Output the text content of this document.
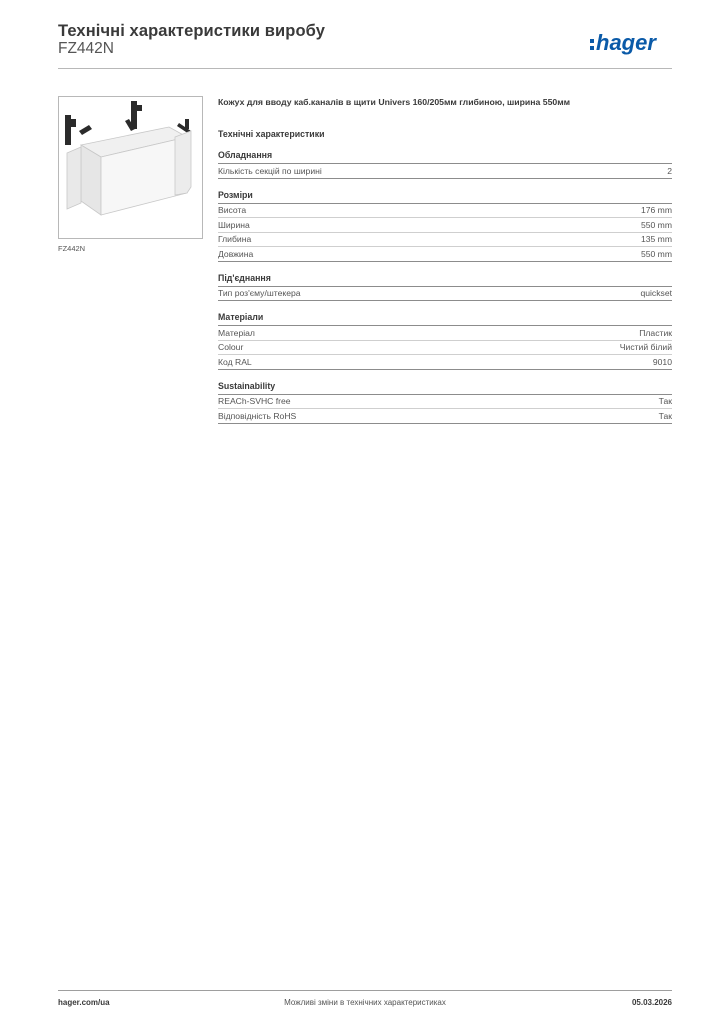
Технічні характеристики виробу
FZ442N	hager
FZ442N
Кожух для вводу каб.каналів в щити Univers 160/205мм глибиною, ширина 550мм
Технічні характеристики
Обладнання
Кількість секцій по ширині	2
Розміри
Висота	176 mm
Ширина	550 mm
Глибина	135 mm
Довжина	550 mm
Під'єднання
Тип роз'єму/штекера	quickset
Матеріали
Матеріал	Пластик
Colour	Чистий білий
Код RAL	9010
Sustainability
REACh-SVHC free	Так
Відповідність RoHS	Так
hager.com/ua	Можливі зміни в технічних характеристиках	05.03.2026
